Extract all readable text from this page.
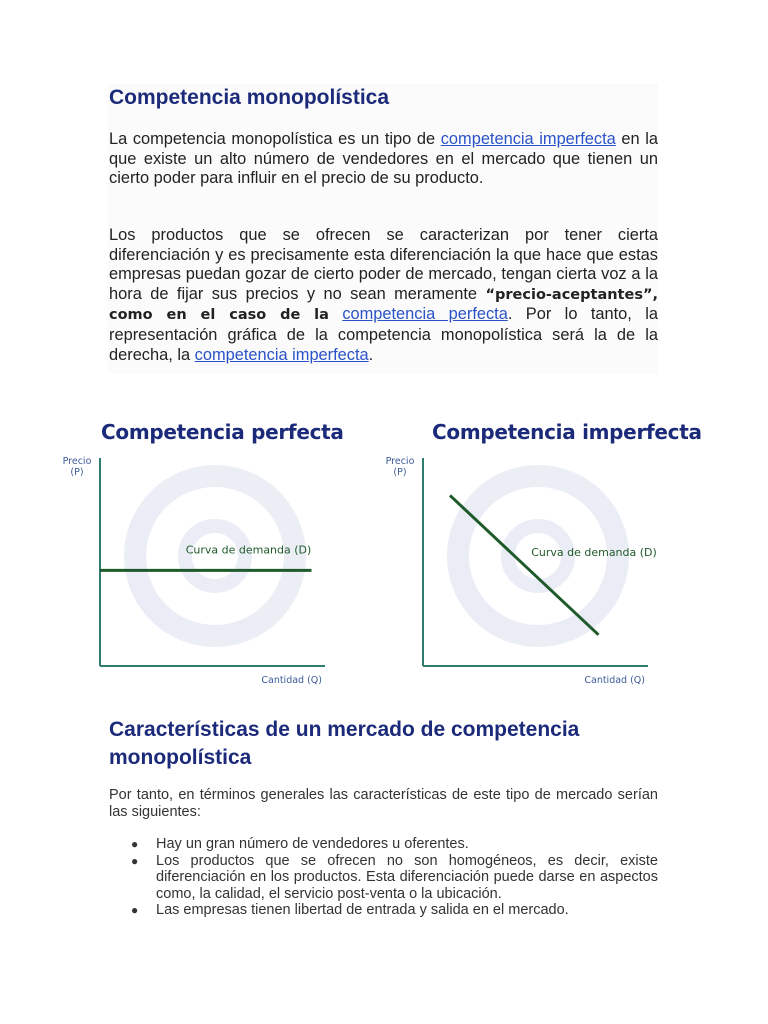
Competencia monopolística
La competencia monopolística es un tipo de competencia imperfecta en la que existe un alto número de vendedores en el mercado que tienen un cierto poder para influir en el precio de su producto.
Los productos que se ofrecen se caracterizan por tener cierta diferenciación y es precisamente esta diferenciación la que hace que estas empresas puedan gozar de cierto poder de mercado, tengan cierta voz a la hora de fijar sus precios y no sean meramente “precio-aceptantes”, como en el caso de la competencia perfecta. Por lo tanto, la representación gráfica de la competencia monopolística será la de la derecha, la competencia imperfecta.
Competencia perfecta
Precio
(P)
Cantidad (Q)
Curva de demanda (D)
Competencia imperfecta
Precio
(P)
Cantidad (Q)
Curva de demanda (D)
Características de un mercado de competencia monopolística
Por tanto, en términos generales las características de este tipo de mercado serían las siguientes:
● Hay un gran número de vendedores u oferentes.
● Los productos que se ofrecen no son homogéneos, es decir, existe diferenciación en los productos. Esta diferenciación puede darse en aspectos como, la calidad, el servicio post-venta o la ubicación.
● Las empresas tienen libertad de entrada y salida en el mercado.
